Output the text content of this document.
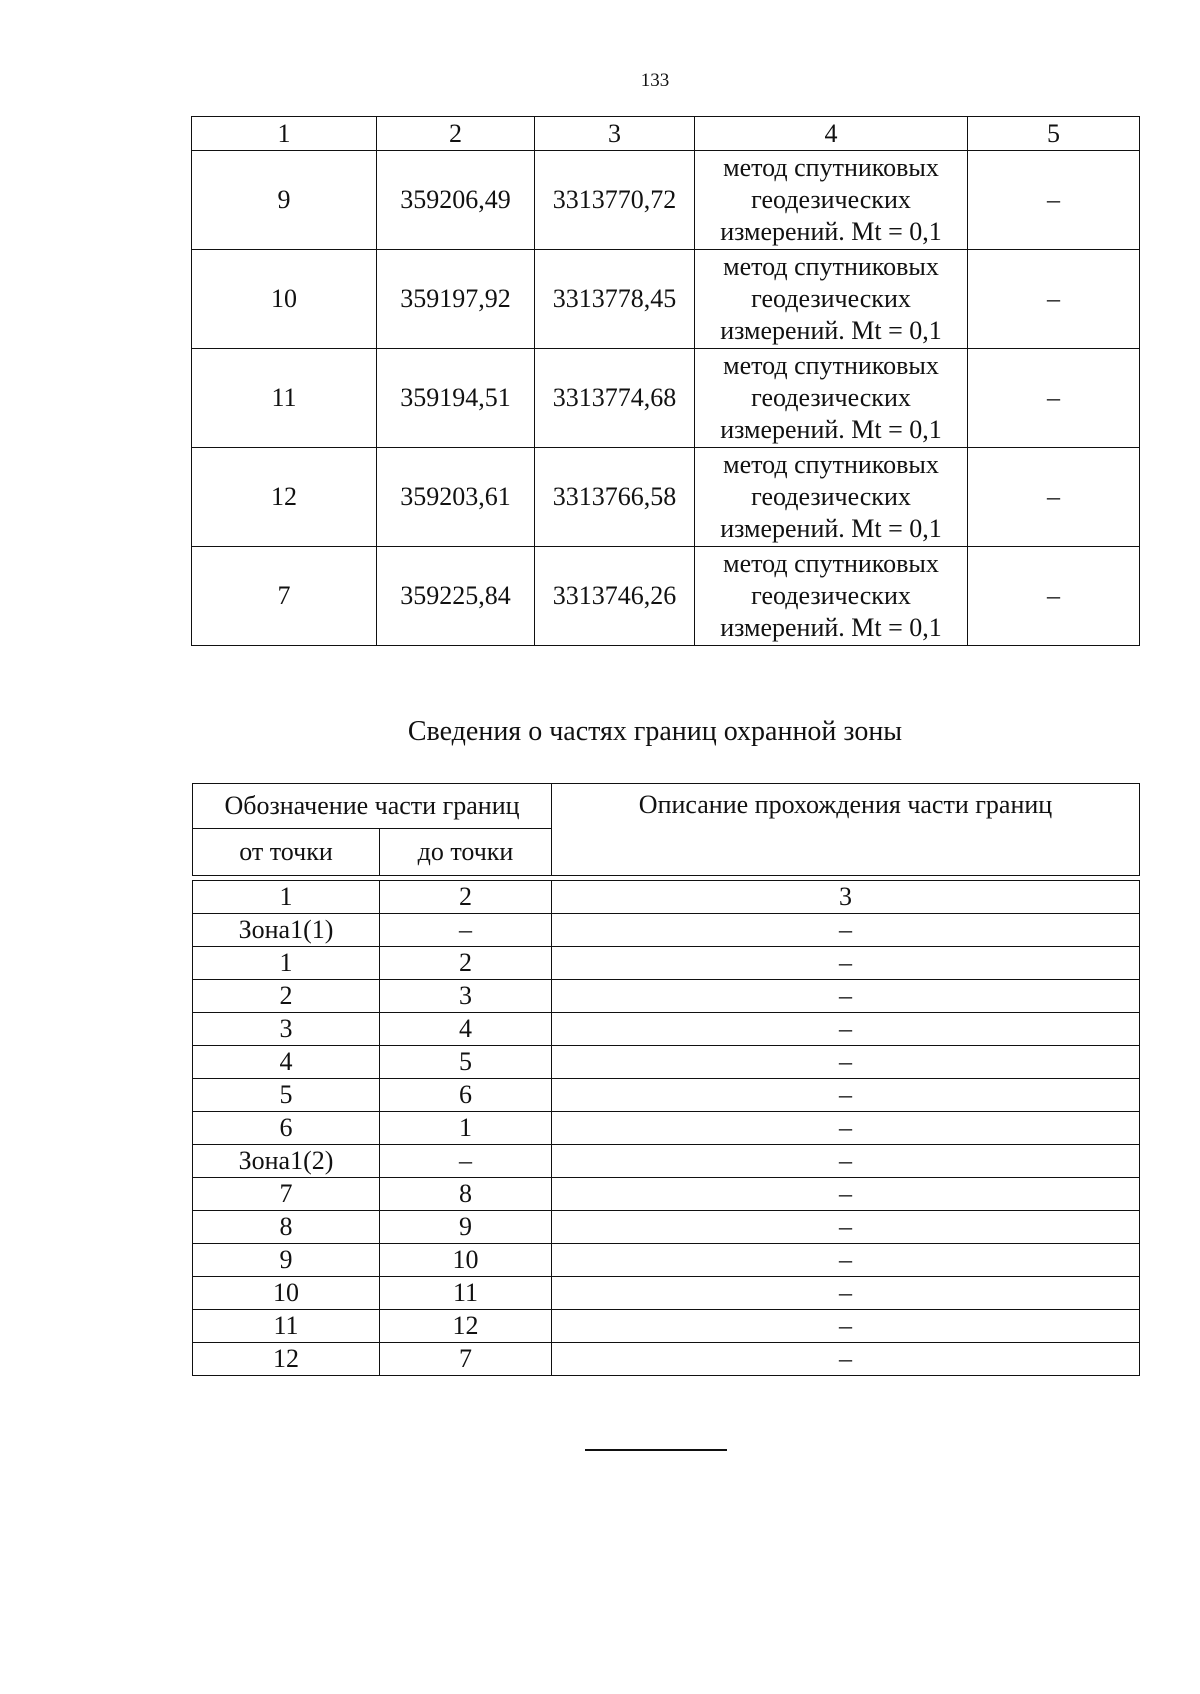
133
1	2	3	4	5
9	359206,49	3313770,72	метод спутниковых геодезических измерений. Mt = 0,1	–
10	359197,92	3313778,45	метод спутниковых геодезических измерений. Mt = 0,1	–
11	359194,51	3313774,68	метод спутниковых геодезических измерений. Mt = 0,1	–
12	359203,61	3313766,58	метод спутниковых геодезических измерений. Mt = 0,1	–
7	359225,84	3313746,26	метод спутниковых геодезических измерений. Mt = 0,1	–
Сведения о частях границ охранной зоны
Обозначение части границ		Описание прохождения части границ
от точки	до точки	
1	2	3
Зона1(1)	–	–
1	2	–
2	3	–
3	4	–
4	5	–
5	6	–
6	1	–
Зона1(2)	–	–
7	8	–
8	9	–
9	10	–
10	11	–
11	12	–
12	7	–
